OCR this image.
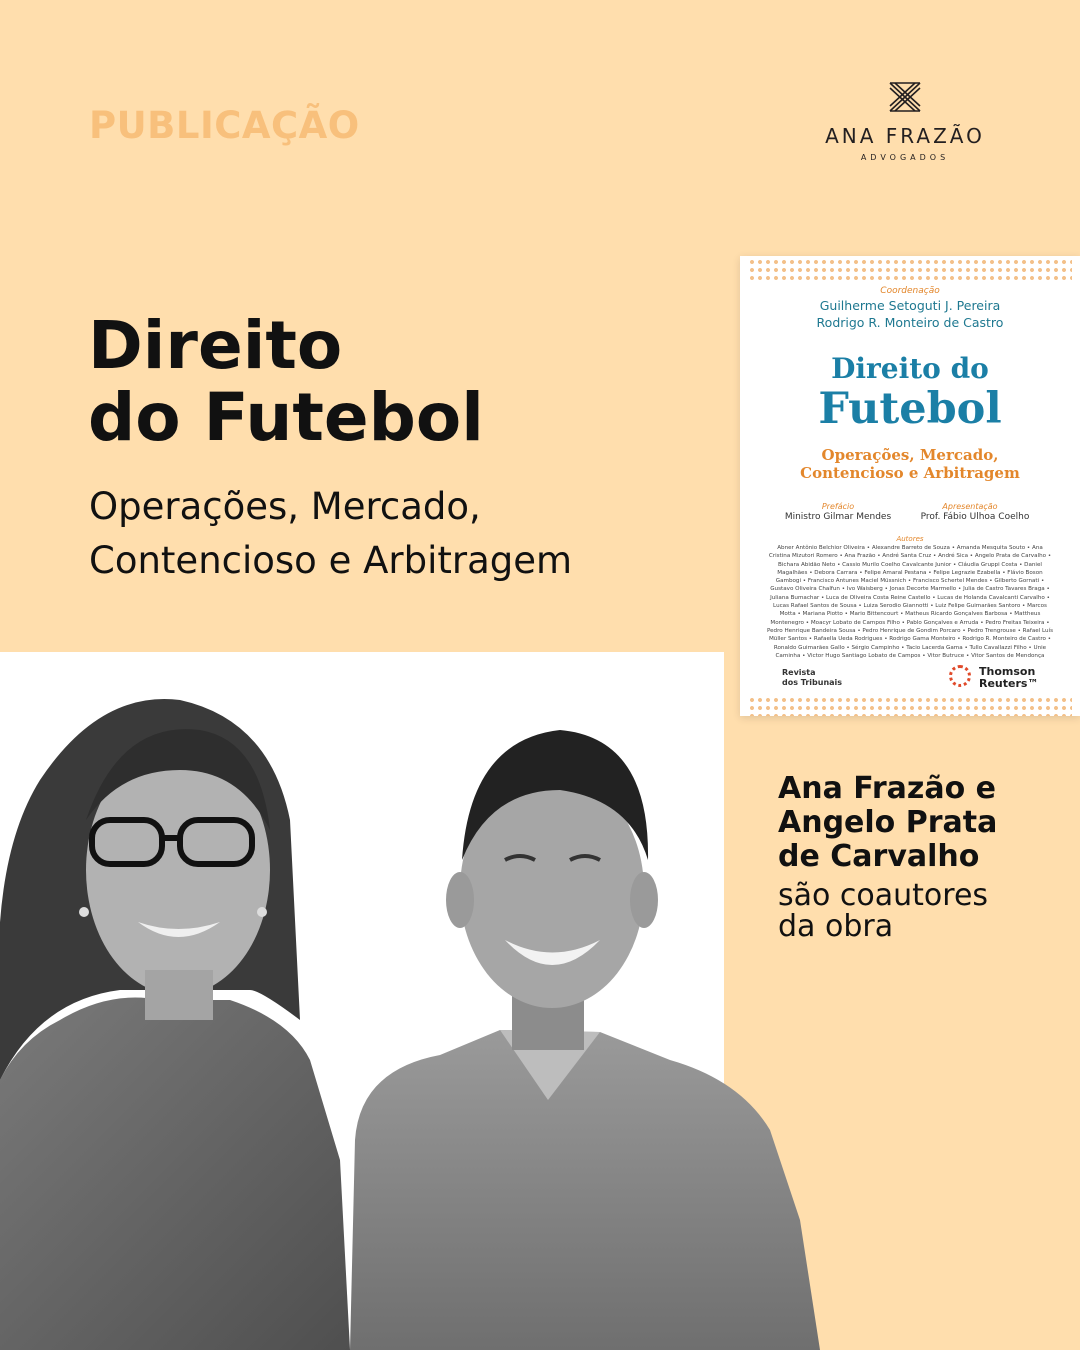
PUBLICAÇÃO	ANA FRAZÃO
ADVOGADOS
Direito
do Futebol
Operações, Mercado,
Contencioso e Arbitragem
Coordenação
Guilherme Setoguti J. Pereira
Rodrigo R. Monteiro de Castro
Direito do
Futebol
Operações, Mercado,
Contencioso e Arbitragem
Prefácio
Ministro Gilmar Mendes
Apresentação
Prof. Fábio Ulhoa Coelho
Autores
Abner Antônio Belchior Oliveira • Alexandre Barreto de Souza • Amanda Mesquita Souto • Ana Cristina Mizutori Romero • Ana Frazão • André Santa Cruz • André Sica • Angelo Prata de Carvalho • Bichara Abidão Neto • Cassio Murilo Coelho Cavalcante Junior • Cláudia Gruppi Costa • Daniel Magalhães • Debora Carrara • Felipe Amaral Pestana • Felipe Legrazie Ezabella • Flávio Boson Gambogi • Francisco Antunes Maciel Müssnich • Francisco Schertel Mendes • Gilberto Gornati • Gustavo Oliveira Chalfun • Ivo Waisberg • Jonas Decorte Marmello • Julia de Castro Tavares Braga • Juliana Bumachar • Luca de Oliveira Costa Reine Castello • Lucas de Holanda Cavalcanti Carvalho • Lucas Rafael Santos de Sousa • Luiza Serodio Giannotti • Luiz Felipe Guimarães Santoro • Marcos Motta • Mariana Piotto • Mario Bittencourt • Matheus Ricardo Gonçalves Barbosa • Mattheus Montenegro • Moacyr Lobato de Campos Filho • Pablo Gonçalves e Arruda • Pedro Freitas Teixeira • Pedro Henrique Bandeira Sousa • Pedro Henrique de Gondim Porcaro • Pedro Trengrouse • Rafael Luís Müller Santos • Rafaella Ueda Rodrigues • Rodrigo Gama Monteiro • Rodrigo R. Monteiro de Castro • Ronaldo Guimarães Gallo • Sérgio Campinho • Tacio Lacerda Gama • Tullo Cavallazzi Filho • Unie Caminha • Victor Hugo Santiago Lobato de Campos • Vitor Butruce • Vitor Santos de Mendonça
Revista
dos Tribunais
Thomson
Reuters™
Ana Frazão e
Angelo Prata
de Carvalho
são coautores
da obra
